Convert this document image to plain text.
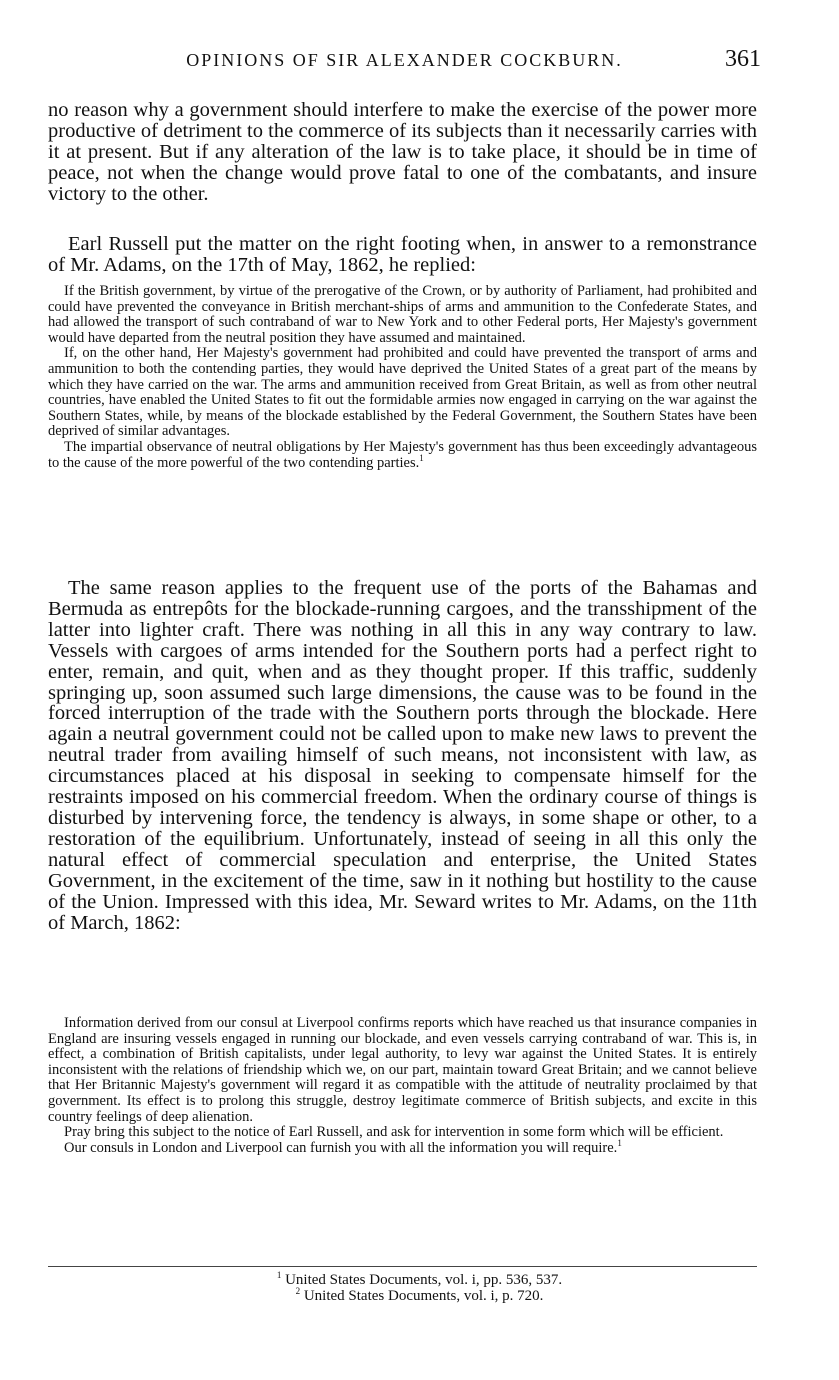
OPINIONS OF SIR ALEXANDER COCKBURN.	361

no reason why a government should interfere to make the exercise of the power more productive of detriment to the commerce of its subjects than it necessarily carries with it at present. But if any alteration of the law is to take place, it should be in time of peace, not when the change would prove fatal to one of the combatants, and insure victory to the other.

Earl Russell put the matter on the right footing when, in answer to a remonstrance of Mr. Adams, on the 17th of May, 1862, he replied:

If the British government, by virtue of the prerogative of the Crown, or by authority of Parliament, had prohibited and could have prevented the conveyance in British merchant-ships of arms and ammunition to the Confederate States, and had allowed the transport of such contraband of war to New York and to other Federal ports, Her Majesty's government would have departed from the neutral position they have assumed and maintained.

If, on the other hand, Her Majesty's government had prohibited and could have prevented the transport of arms and ammunition to both the contending parties, they would have deprived the United States of a great part of the means by which they have carried on the war. The arms and ammunition received from Great Britain, as well as from other neutral countries, have enabled the United States to fit out the formidable armies now engaged in carrying on the war against the Southern States, while, by means of the blockade established by the Federal Government, the Southern States have been deprived of similar advantages.

The impartial observance of neutral obligations by Her Majesty's government has thus been exceedingly advantageous to the cause of the more powerful of the two contending parties.$^1$

The same reason applies to the frequent use of the ports of the Bahamas and Bermuda as entrepôts for the blockade-running cargoes, and the transshipment of the latter into lighter craft. There was nothing in all this in any way contrary to law. Vessels with cargoes of arms intended for the Southern ports had a perfect right to enter, remain, and quit, when and as they thought proper. If this traffic, suddenly springing up, soon assumed such large dimensions, the cause was to be found in the forced interruption of the trade with the Southern ports through the blockade. Here again a neutral government could not be called upon to make new laws to prevent the neutral trader from availing himself of such means, not inconsistent with law, as circumstances placed at his disposal in seeking to compensate himself for the restraints imposed on his commercial freedom. When the ordinary course of things is disturbed by intervening force, the tendency is always, in some shape or other, to a restoration of the equilibrium. Unfortunately, instead of seeing in all this only the natural effect of commercial speculation and enterprise, the United States Government, in the excitement of the time, saw in it nothing but hostility to the cause of the Union. Impressed with this idea, Mr. Seward writes to Mr. Adams, on the 11th of March, 1862:

Information derived from our consul at Liverpool confirms reports which have reached us that insurance companies in England are insuring vessels engaged in running our blockade, and even vessels carrying contraband of war. This is, in effect, a combination of British capitalists, under legal authority, to levy war against the United States. It is entirely inconsistent with the relations of friendship which we, on our part, maintain toward Great Britain; and we cannot believe that Her Britannic Majesty's government will regard it as compatible with the attitude of neutrality proclaimed by that government. Its effect is to prolong this struggle, destroy legitimate commerce of British subjects, and excite in this country feelings of deep alienation.

Pray bring this subject to the notice of Earl Russell, and ask for intervention in some form which will be efficient.

Our consuls in London and Liverpool can furnish you with all the information you will require.$^1$

$^1$ United States Documents, vol. i, pp. 536, 537.

$^2$ United States Documents, vol. i, p. 720.
